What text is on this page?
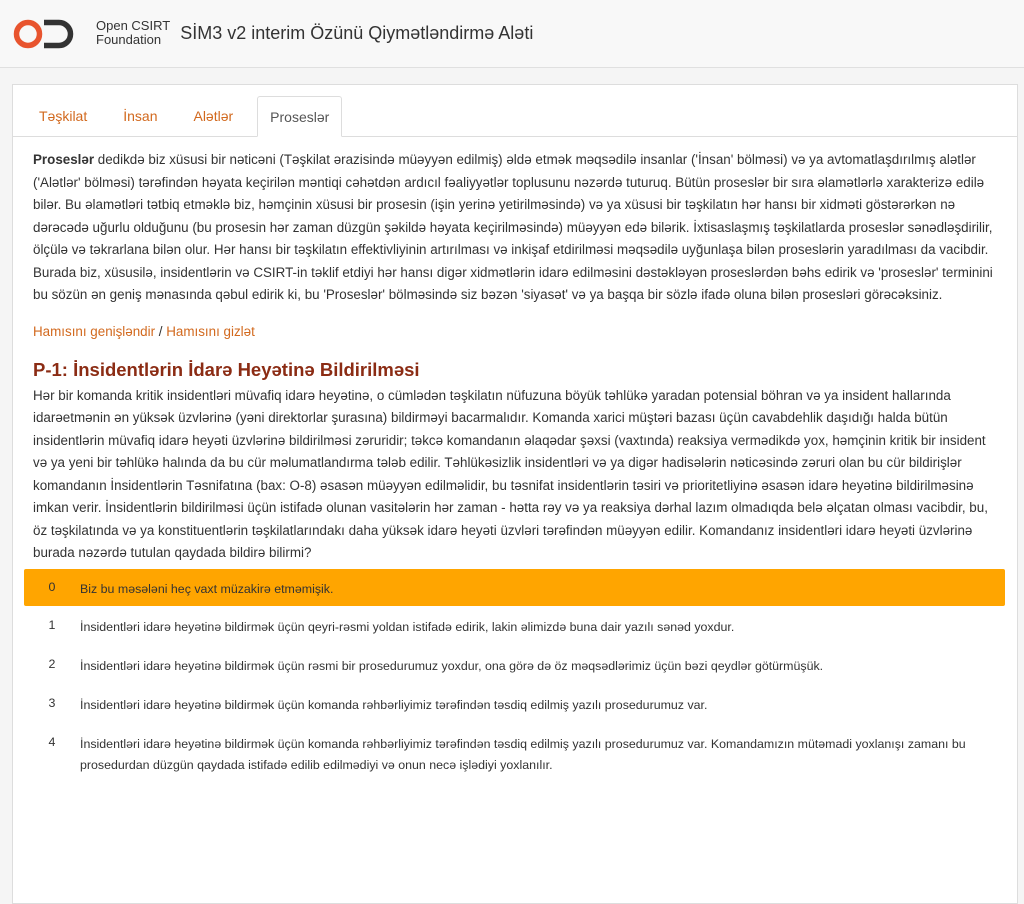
Open CSIRT
Foundation	SİM3 v2 interim Özünü Qiymətləndirmə Aləti
Təşkilat	İnsan	Alətlər	Proseslər

Proseslər dedikdə biz xüsusi bir nəticəni (Təşkilat ərazisində müəyyən edilmiş) əldə etmək məqsədilə insanlar ('İnsan' bölməsi) və ya avtomatlaşdırılmış alətlər ('Alətlər' bölməsi) tərəfindən həyata keçirilən məntiqi cəhətdən ardıcıl fəaliyyətlər toplusunu nəzərdə tuturuq. Bütün proseslər bir sıra əlamətlərlə xarakterizə edilə bilər. Bu əlamətləri tətbiq etməklə biz, həmçinin xüsusi bir prosesin (işin yerinə yetirilməsində) və ya xüsusi bir təşkilatın hər hansı bir xidməti göstərərkən nə dərəcədə uğurlu olduğunu (bu prosesin hər zaman düzgün şəkildə həyata keçirilməsində) müəyyən edə bilərik. İxtisaslaşmış təşkilatlarda proseslər sənədləşdirilir, ölçülə və təkrarlana bilən olur. Hər hansı bir təşkilatın effektivliyinin artırılması və inkişaf etdirilməsi məqsədilə uyğunlaşa bilən proseslərin yaradılması da vacibdir. Burada biz, xüsusilə, insidentlərin və CSIRT-in təklif etdiyi hər hansı digər xidmətlərin idarə edilməsini dəstəkləyən proseslərdən bəhs edirik və 'proseslər' terminini bu sözün ən geniş mənasında qəbul edirik ki, bu 'Proseslər' bölməsində siz bəzən 'siyasət' və ya başqa bir sözlə ifadə oluna bilən prosesləri görəcəksiniz.

Hamısını genişləndir / Hamısını gizlət
P-1: İnsidentlərin İdarə Heyətinə Bildirilməsi
Hər bir komanda kritik insidentləri müvafiq idarə heyətinə, o cümlədən təşkilatın nüfuzuna böyük təhlükə yaradan potensial böhran və ya insident hallarında idarəetmənin ən yüksək üzvlərinə (yəni direktorlar şurasına) bildirməyi bacarmalıdır. Komanda xarici müştəri bazası üçün cavabdehlik daşıdığı halda bütün insidentlərin müvafiq idarə heyəti üzvlərinə bildirilməsi zəruridir; təkcə komandanın əlaqədar şəxsi (vaxtında) reaksiya vermədikdə yox, həmçinin kritik bir insident və ya yeni bir təhlükə halında da bu cür məlumatlandırma tələb edilir. Təhlükəsizlik insidentləri və ya digər hadisələrin nəticəsində zəruri olan bu cür bildirişlər komandanın İnsidentlərin Təsnifatına (bax: O-8) əsasən müəyyən edilməlidir, bu təsnifat insidentlərin təsiri və prioritetliyinə əsasən idarə heyətinə bildirilməsinə imkan verir. İnsidentlərin bildirilməsi üçün istifadə olunan vasitələrin hər zaman - hətta rəy və ya reaksiya dərhal lazım olmadıqda belə əlçatan olması vacibdir, bu, öz təşkilatında və ya konstituentlərin təşkilatlarındakı daha yüksək idarə heyəti üzvləri tərəfindən müəyyən edilir. Komandanız insidentləri idarə heyəti üzvlərinə burada nəzərdə tutulan qaydada bildirə bilirmi?
0	Biz bu məsələni heç vaxt müzakirə etməmişik.
1	İnsidentləri idarə heyətinə bildirmək üçün qeyri-rəsmi yoldan istifadə edirik, lakin əlimizdə buna dair yazılı sənəd yoxdur.
2	İnsidentləri idarə heyətinə bildirmək üçün rəsmi bir prosedurumuz yoxdur, ona görə də öz məqsədlərimiz üçün bəzi qeydlər götürmüşük.
3	İnsidentləri idarə heyətinə bildirmək üçün komanda rəhbərliyimiz tərəfindən təsdiq edilmiş yazılı prosedurumuz var.
4	İnsidentləri idarə heyətinə bildirmək üçün komanda rəhbərliyimiz tərəfindən təsdiq edilmiş yazılı prosedurumuz var. Komandamızın mütəmadi yoxlanışı zamanı bu prosedurdan düzgün qaydada istifadə edilib edilmədiyi və onun necə işlədiyi yoxlanılır.
